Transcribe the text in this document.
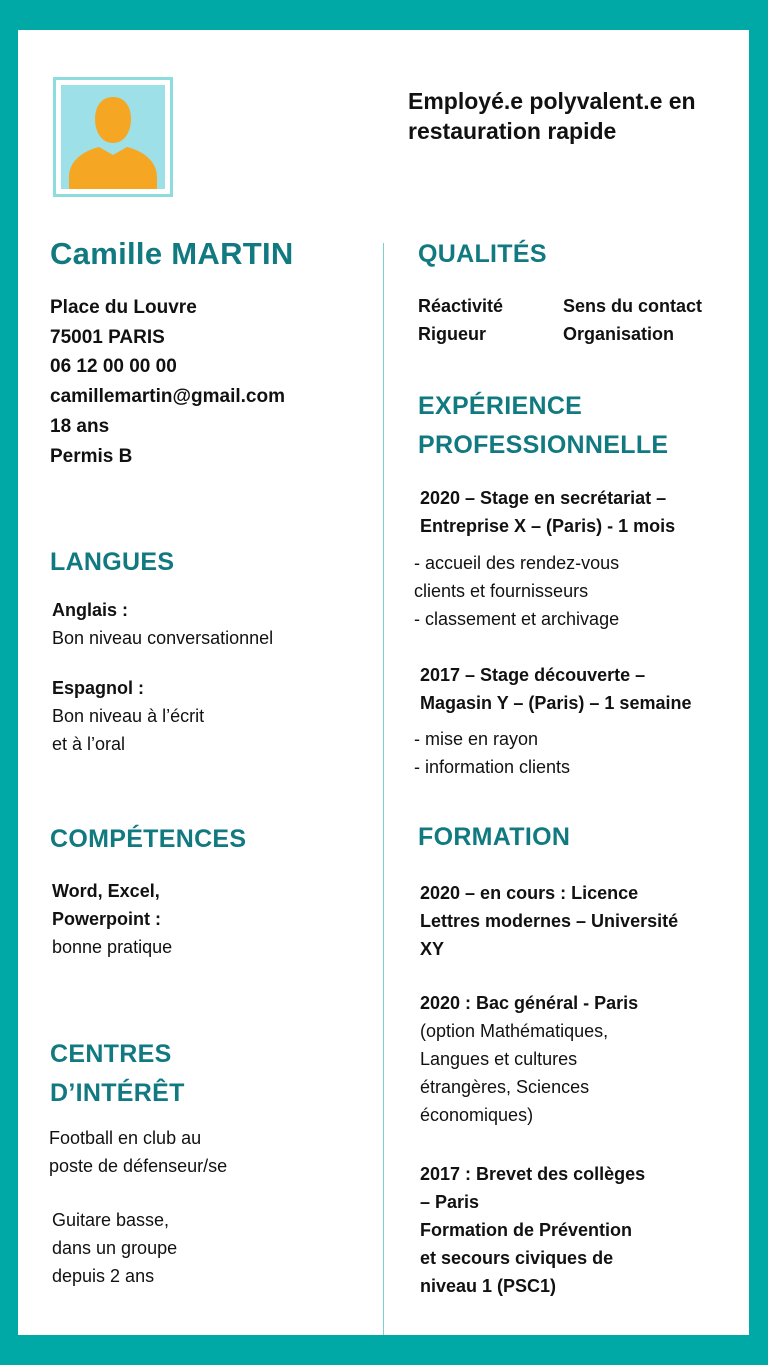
Employé.e polyvalent.e en restauration rapide
Camille MARTIN
Place du Louvre
75001 PARIS
06 12 00 00 00
camillemartin@gmail.com
18 ans
Permis B
LANGUES
Anglais :
Bon niveau conversationnel
Espagnol :
Bon niveau à l’écrit
et à l’oral
COMPÉTENCES
Word, Excel,
Powerpoint :
bonne pratique
CENTRES
D’INTÉRÊT
Football en club au
poste de défenseur/se
Guitare basse,
dans un groupe
depuis 2 ans
QUALITÉS
Réactivité
Rigueur
Sens du contact
Organisation
EXPÉRIENCE
PROFESSIONNELLE
2020 – Stage en secrétariat –
Entreprise X – (Paris) - 1 mois
- accueil des rendez-vous
clients et fournisseurs
- classement et archivage
2017 – Stage découverte –
Magasin Y – (Paris) – 1 semaine
- mise en rayon
- information clients
FORMATION
2020 – en cours : Licence
Lettres modernes – Université
XY
2020 : Bac général - Paris
(option Mathématiques,
Langues et cultures
étrangères, Sciences
économiques)
2017 : Brevet des collèges
– Paris
Formation de Prévention
et secours civiques de
niveau 1 (PSC1)
